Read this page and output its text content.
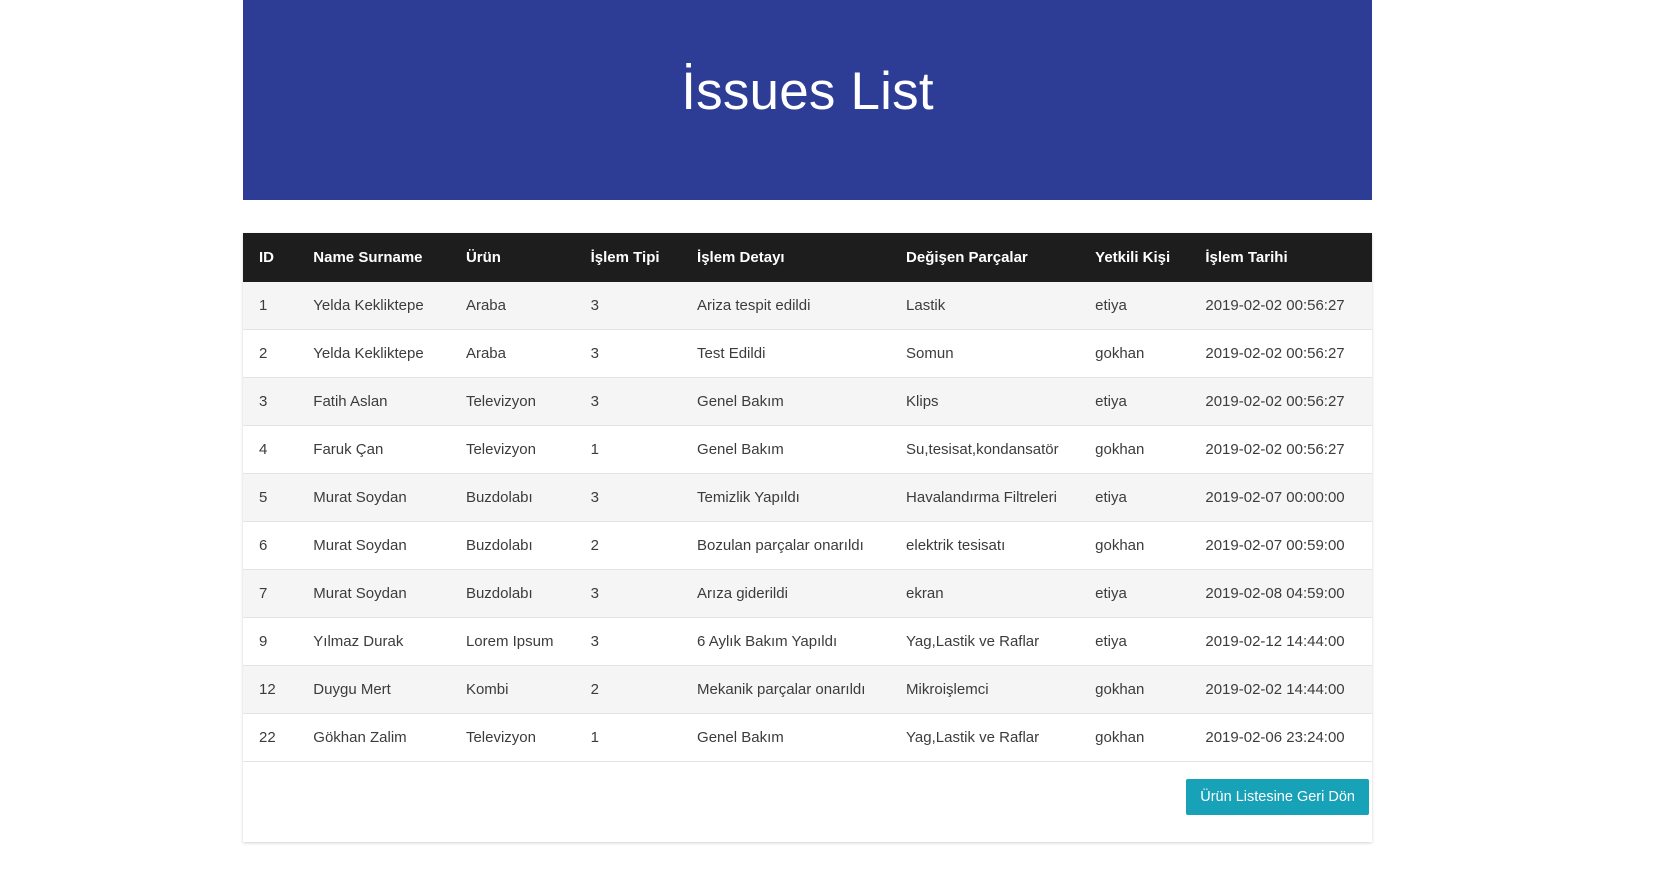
İssues List
ID	Name Surname	Ürün	İşlem Tipi	İşlem Detayı	Değişen Parçalar	Yetkili Kişi	İşlem Tarihi
1	Yelda Kekliktepe	Araba	3	Ariza tespit edildi	Lastik	etiya	2019-02-02 00:56:27
2	Yelda Kekliktepe	Araba	3	Test Edildi	Somun	gokhan	2019-02-02 00:56:27
3	Fatih Aslan	Televizyon	3	Genel Bakım	Klips	etiya	2019-02-02 00:56:27
4	Faruk Çan	Televizyon	1	Genel Bakım	Su,tesisat,kondansatör	gokhan	2019-02-02 00:56:27
5	Murat Soydan	Buzdolabı	3	Temizlik Yapıldı	Havalandırma Filtreleri	etiya	2019-02-07 00:00:00
6	Murat Soydan	Buzdolabı	2	Bozulan parçalar onarıldı	elektrik tesisatı	gokhan	2019-02-07 00:59:00
7	Murat Soydan	Buzdolabı	3	Arıza giderildi	ekran	etiya	2019-02-08 04:59:00
9	Yılmaz Durak	Lorem Ipsum	3	6 Aylık Bakım Yapıldı	Yag,Lastik ve Raflar	etiya	2019-02-12 14:44:00
12	Duygu Mert	Kombi	2	Mekanik parçalar onarıldı	Mikroişlemci	gokhan	2019-02-02 14:44:00
22	Gökhan Zalim	Televizyon	1	Genel Bakım	Yag,Lastik ve Raflar	gokhan	2019-02-06 23:24:00
Ürün Listesine Geri Dön
